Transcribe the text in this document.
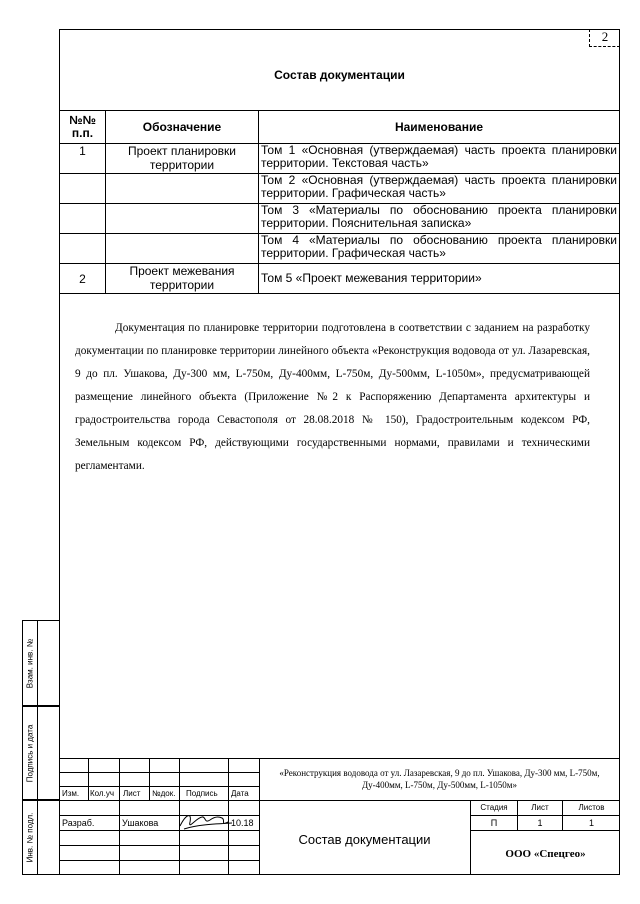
2
Состав документации
№№ п.п.	Обозначение	Наименование
1	Проект планировки территории	Том 1 «Основная (утверждаемая) часть проекта планировки территории. Текстовая часть»
		Том 2 «Основная (утверждаемая) часть проекта планировки территории. Графическая часть»
		Том 3 «Материалы по обоснованию проекта планировки территории. Пояснительная записка»
		Том 4 «Материалы по обоснованию проекта планировки территории. Графическая часть»
2	Проект межевания территории	Том 5 «Проект межевания территории»
Документация по планировке территории подготовлена в соответствии с заданием на разработку документации по планировке территории линейного объекта «Реконструкция водовода от ул. Лазаревская, 9 до пл. Ушакова, Ду-300 мм, L-750м, Ду-400мм, L-750м, Ду-500мм, L-1050м», предусматривающей размещение линейного объекта (Приложение №2 к Распоряжению Департамента архитектуры и градостроительства города Севастополя от 28.08.2018 № 150), Градостроительным кодексом РФ, Земельным кодексом РФ, действующими государственными нормами, правилами и техническими регламентами.
Взам. инв. №
Подпись и дата
Инв. № подл.
Изм. Кол.уч Лист №док. Подпись Дата
Разраб.	Ушакова	10.18
«Реконструкция водовода от ул. Лазаревская, 9 до пл. Ушакова, Ду-300 мм, L-750м, Ду-400мм, L-750м, Ду-500мм, L-1050м»
Состав документации
Стадия	Лист	Листов
П	1	1
ООО «Спецгео»
